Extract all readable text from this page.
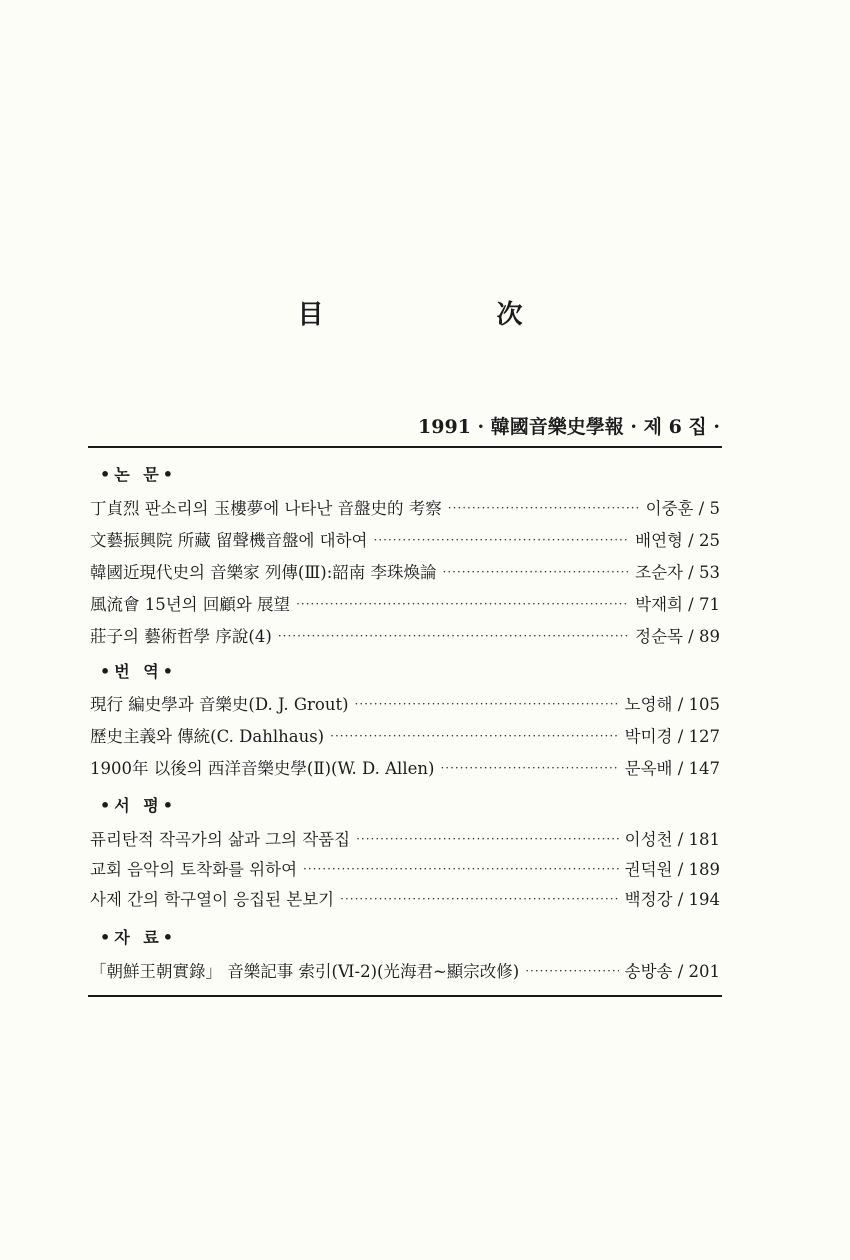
目 次
1991 · 韓國音樂史學報 · 제 6 집 ·
•논 문•
丁貞烈 판소리의 玉樓夢에 나타난 音盤史的 考察 ·····	이중훈 / 5
文藝振興院 所藏 留聲機音盤에 대하여 ·····	배연형 / 25
韓國近現代史의 音樂家 列傳(Ⅲ):韶南 李珠煥論 ·····	조순자 / 53
風流會 15년의 回顧와 展望 ·····	박재희 / 71
莊子의 藝術哲學 序說(4) ·····	정순목 / 89
•번 역•
現行 編史學과 音樂史(D. J. Grout) ·····	노영해 / 105
歷史主義와 傳統(C. Dahlhaus) ·····	박미경 / 127
1900年 以後의 西洋音樂史學(Ⅱ)(W. D. Allen) ·····	문옥배 / 147
•서 평•
퓨리탄적 작곡가의 삶과 그의 작품집 ·····	이성천 / 181
교회 음악의 토착화를 위하여 ·····	권덕원 / 189
사제 간의 학구열이 응집된 본보기 ·····	백정강 / 194
•자 료•
「朝鮮王朝實錄」 音樂記事 索引(Ⅵ-2)(光海君~顯宗改修) ·····	송방송 / 201
